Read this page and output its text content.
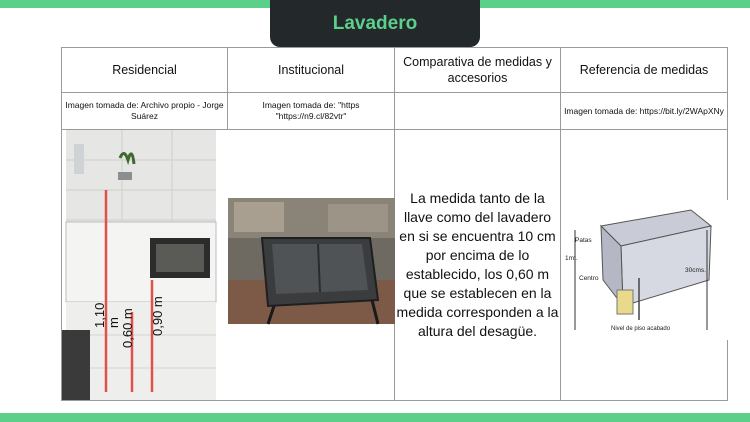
Lavadero
Residencial	Institucional	Comparativa de medidas y accesorios	Referencia de medidas
Imagen tomada de: Archivo propio - Jorge Suárez	Imagen tomada de: "https "https://n9.cl/82vtr"		Imagen tomada de: https://bit.ly/2WApXNy

1,10 m 0,60 m 0,90 m		La medida tanto de la llave como del lavadero en si se encuentra 10 cm por encima de lo establecido, los 0,60 m que se establecen en la medida corresponden a la altura del desagüe.	Patas
1mt.
Centro
30cms.
Nivel de piso acabado
